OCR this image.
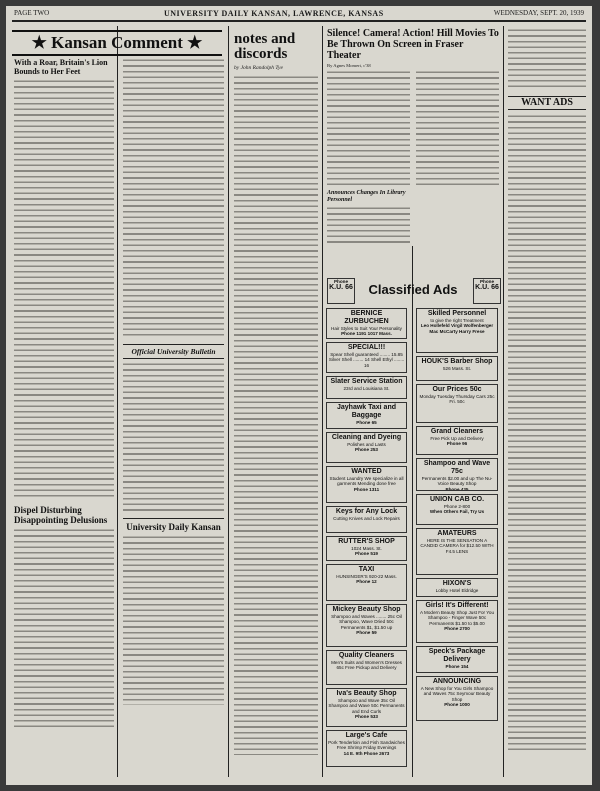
PAGE TWO	UNIVERSITY DAILY KANSAN, LAWRENCE, KANSAS	WEDNESDAY, SEPT. 20, 1939
★ Kansan Comment ★
With a Roar, Britain's Lion Bounds to Her Feet
Dispel Disturbing Disappointing Delusions
Official University Bulletin
University Daily Kansan
notes and discords
by John Randolph Tye
Silence! Camera! Action! Hill Movies To Be Thrown On Screen in Fraser Theater
By Agnes Momert, c'38
Announces Changes In Library Personnel
Phone
K.U. 66	Classified Ads
Phone
K.U. 66
BERNICE ZURBUCHEN
Hair Styles to Suit Your Personality
Phone 1191 1017 Mass.
SPECIAL!!!
Spear Shell guaranteed ........ 15.85 Silver Shell ........ 14 Shell Ethyl ........ 16
Slater Service Station
23rd and Louisiana St.
Jayhawk Taxi and Baggage
Phone 65
Cleaning and Dyeing
Polishes and Lasts
Phone 253
WANTED
Student Laundry We specialize in all garments Mending done free
Phone 1311
Keys for Any Lock
Cutting Knives and Lock Repairs
RUTTER'S SHOP
1024 Mass. St.
Phone 519
TAXI
HUNSINGER'S 920-22 Mass.
Phone 12
Mickey Beauty Shop
Shampoo and Waves ........ 25c Oil Shampoo, Wave Dried 50c Permanents $1, $1.50 up
Phone 59
Quality Cleaners
Men's Suits and Women's Dresses 65c Free Pickup and Delivery
Iva's Beauty Shop
Shampoo and Wave 35c Oil Shampoo and Wave 50c Permanents and End Curls
Phone 533
Large's Cafe
Pork Tenderloin and Fish Sandwiches Free Shrimp Friday Evenings
14 E. 9th Phone 2673
Skilled Personnel
to give the right Treatment
Leo Hollefeld Virgil Wolfenberger Mac McCarty Harry Frese
HOUK'S Barber Shop
526 Mass. St.
Our Prices 50c
Monday Tuesday Thursday Cars 25c Fri. 50c
Grand Cleaners
Free Pick Up and Delivery
Phone 96
Shampoo and Wave 75c
Permanents $2.00 and up The Nu-Voice Beauty Shop
Phone 435
UNION CAB CO.
Phone 2-800
When Others Fail, Try Us
AMATEURS
HERE IS THE SENSATION A CANDID CAMERA for $12.50 WITH F4.5 LENS
HIXON'S
Lobby Hotel Eldridge
Girls! It's Different!
A Modern Beauty Shop Just For You Shampoo - Finger Wave 50c Permanents $1.50 to $5.00
Phone 2700
Speck's Package Delivery
Phone 154
ANNOUNCING
A New Shop for You Girls Shampoo and Waves 75c Seymour Beauty Shop
Phone 1000
WANT ADS
